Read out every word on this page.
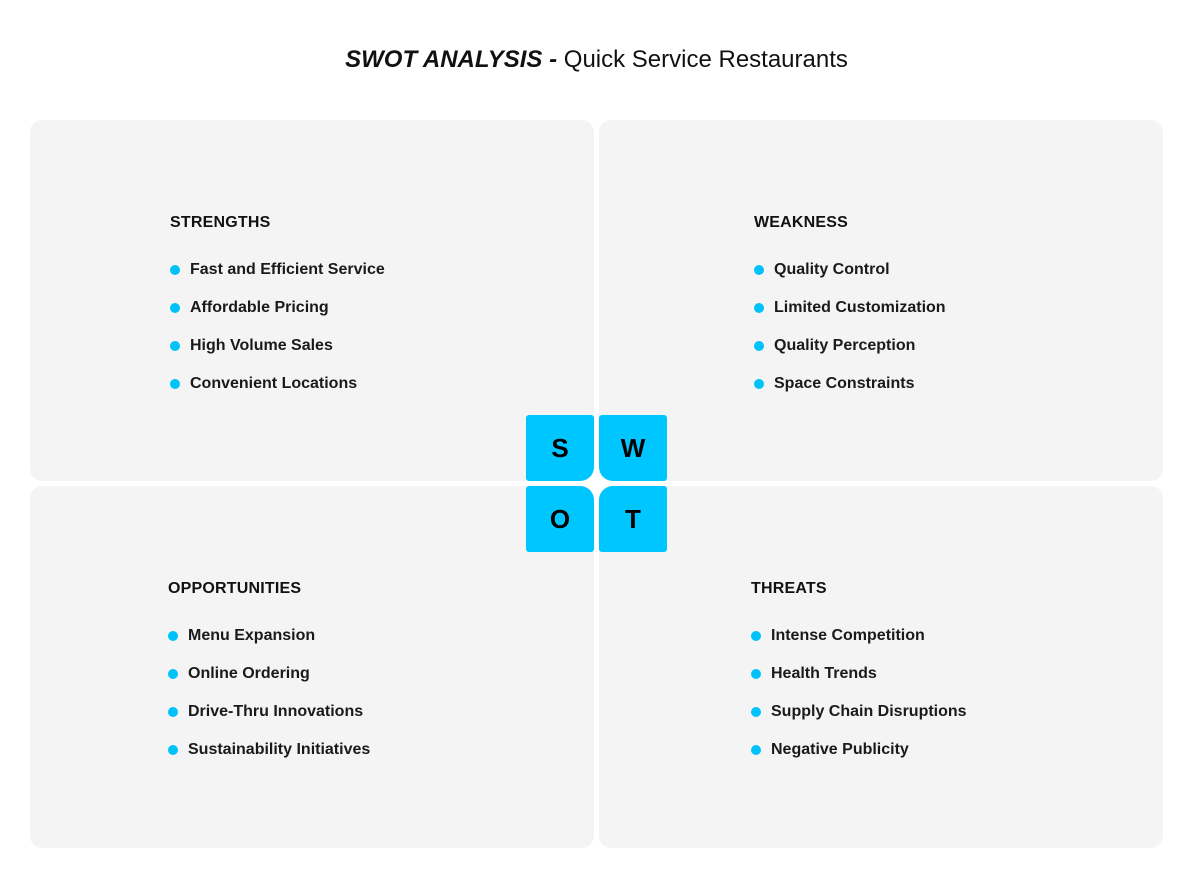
SWOT ANALYSIS - Quick Service Restaurants
STRENGTHS
Fast and Efficient Service
Affordable Pricing
High Volume Sales
Convenient Locations
WEAKNESS
Quality Control
Limited Customization
Quality Perception
Space Constraints
OPPORTUNITIES
Menu Expansion
Online Ordering
Drive-Thru Innovations
Sustainability Initiatives
THREATS
Intense Competition
Health Trends
Supply Chain Disruptions
Negative Publicity
S	W
O	T
